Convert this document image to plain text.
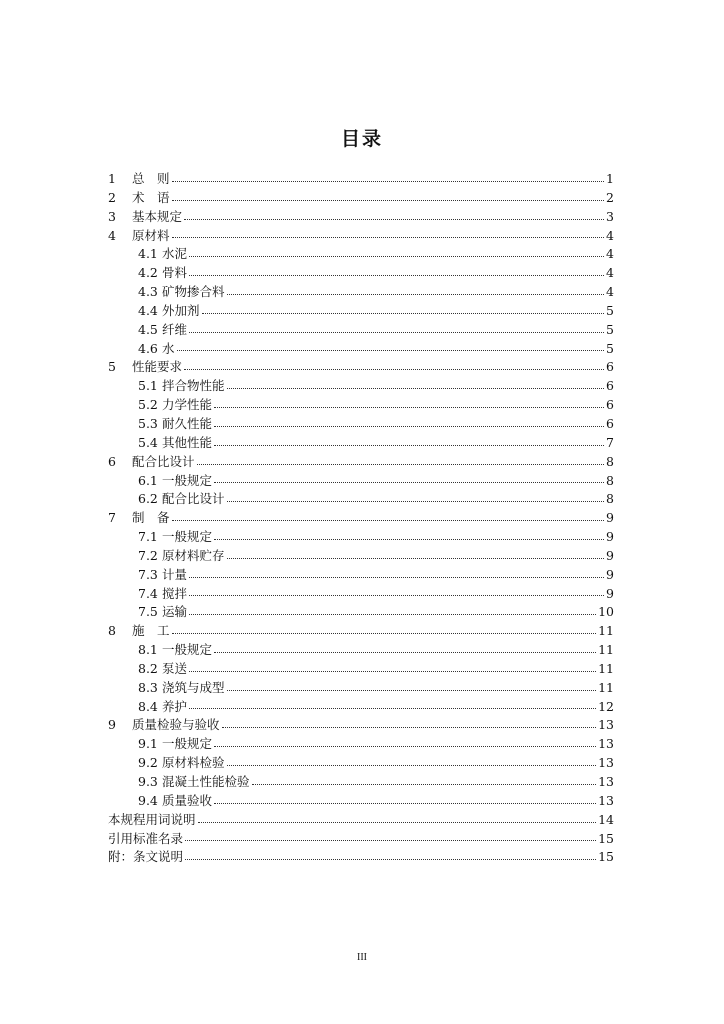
目录
1	总　则	1
2	术　语	2
3	基本规定	3
4	原材料	4
4.1 水泥	4
4.2 骨料	4
4.3 矿物掺合料	4
4.4 外加剂	5
4.5 纤维	5
4.6 水	5
5	性能要求	6
5.1 拌合物性能	6
5.2 力学性能	6
5.3 耐久性能	6
5.4 其他性能	7
6	配合比设计	8
6.1 一般规定	8
6.2 配合比设计	8
7	制　备	9
7.1 一般规定	9
7.2 原材料贮存	9
7.3 计量	9
7.4 搅拌	9
7.5 运输	10
8	施　工	11
8.1 一般规定	11
8.2 泵送	11
8.3 浇筑与成型	11
8.4 养护	12
9	质量检验与验收	13
9.1 一般规定	13
9.2 原材料检验	13
9.3 混凝土性能检验	13
9.4 质量验收	13
本规程用词说明	14
引用标准名录	15
附：条文说明	15
III
